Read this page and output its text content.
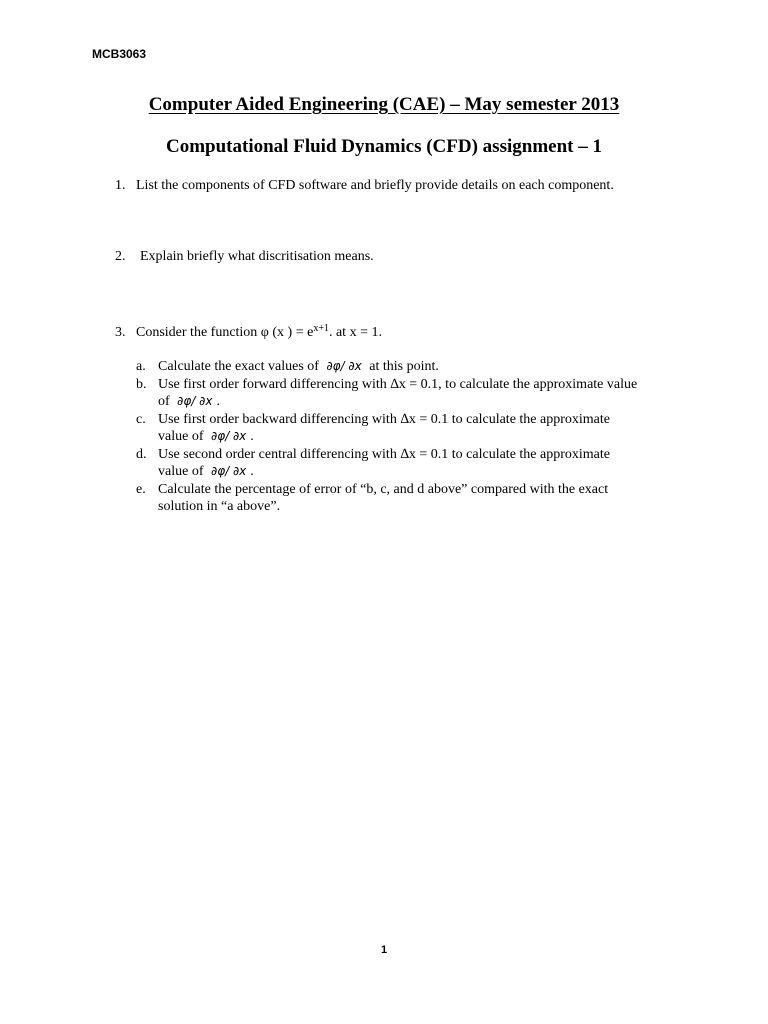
MCB3063
Computer Aided Engineering (CAE) – May semester 2013
Computational Fluid Dynamics (CFD) assignment – 1
1. List the components of CFD software and briefly provide details on each component.
2. Explain briefly what discritisation means.
3. Consider the function φ (x ) = $e^{x+1}$. at x = 1.
a. Calculate the exact values of ∂φ/ ∂x at this point.
b. Use first order forward differencing with ∆x = 0.1, to calculate the approximate value
of ∂φ/ ∂x .
c. Use first order backward differencing with ∆x = 0.1 to calculate the approximate
value of ∂φ/ ∂x .
d. Use second order central differencing with ∆x = 0.1 to calculate the approximate
value of ∂φ/ ∂x .
e. Calculate the percentage of error of “b, c, and d above” compared with the exact
solution in “a above”.
1
